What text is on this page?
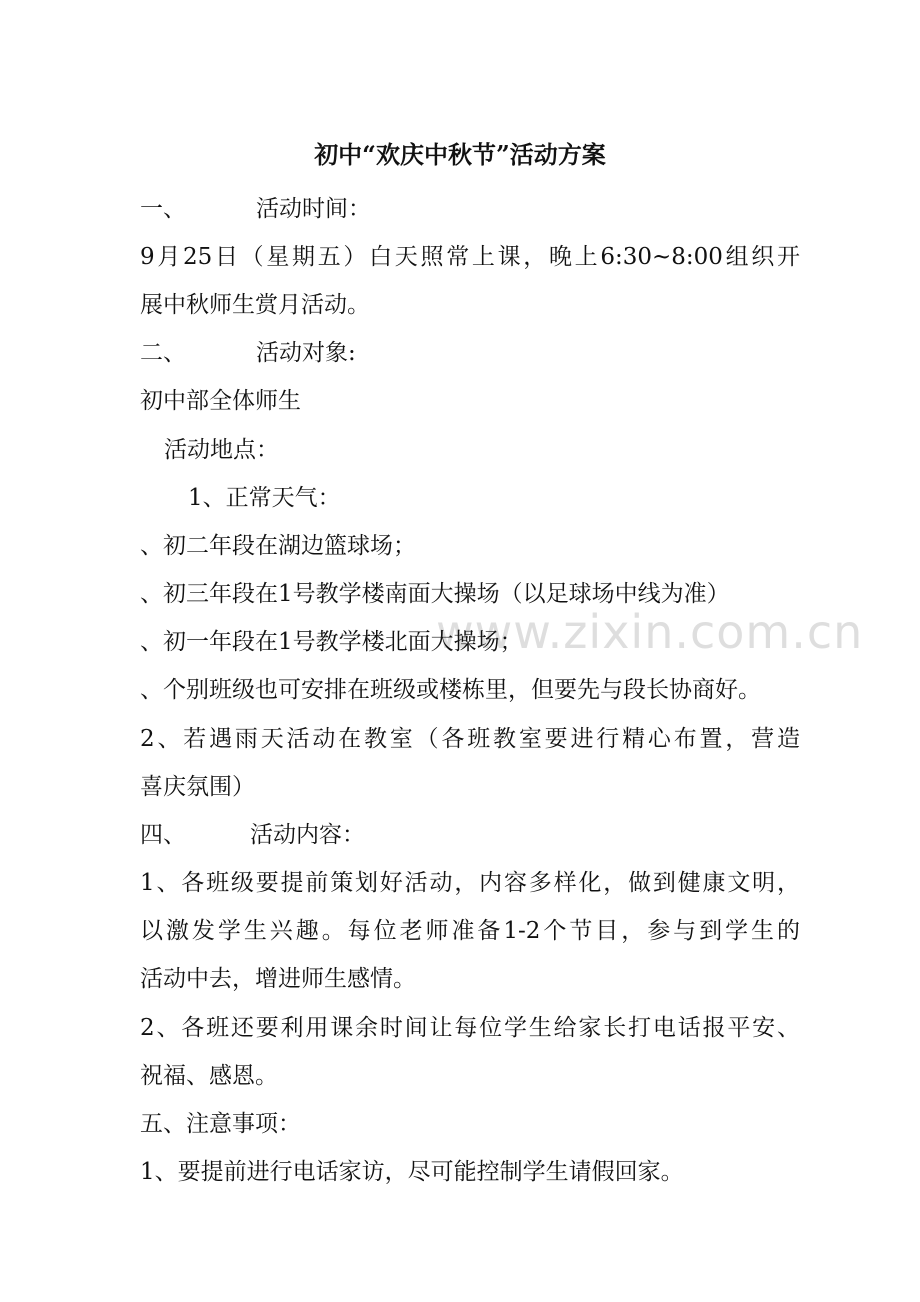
www.zixin.com.cn
初中“欢庆中秋节”活动方案
一、	活动时间：
9月25日（星期五）白天照常上课，晚上6:30~8:00组织开
展中秋师生赏月活动。
二、	活动对象:
初中部全体师生
活动地点：
1、正常天气：
、初二年段在湖边篮球场；
、初三年段在1号教学楼南面大操场（以足球场中线为准）
、初一年段在1号教学楼北面大操场；
、个别班级也可安排在班级或楼栋里，但要先与段长协商好。
2、若遇雨天活动在教室（各班教室要进行精心布置，营造
喜庆氛围）
四、	活动内容：
1、各班级要提前策划好活动，内容多样化，做到健康文明，
以激发学生兴趣。每位老师准备1-2个节目，参与到学生的
活动中去，增进师生感情。
2、各班还要利用课余时间让每位学生给家长打电话报平安、
祝福、感恩。
五、注意事项：
1、要提前进行电话家访，尽可能控制学生请假回家。
